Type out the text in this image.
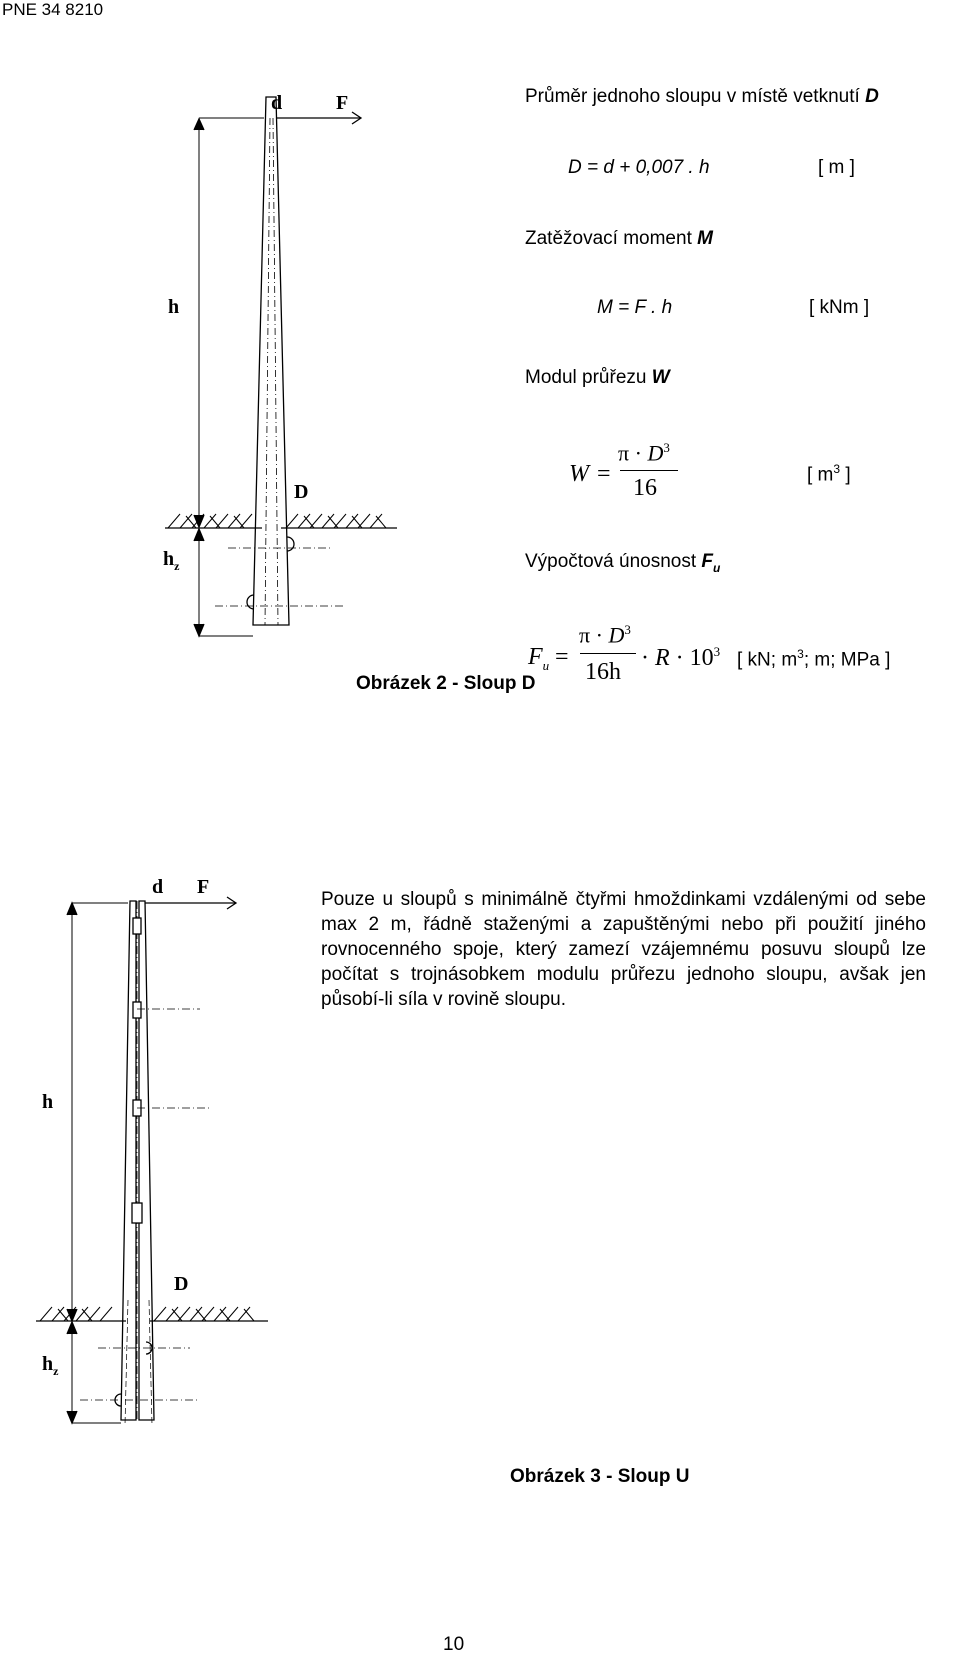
PNE 34 8210
d	F
h
D
$h_z$
Obrázek 2 - Sloup D
Průměr jednoho sloupu v místě vetknutí D
D = d + 0,007 . h	[ m ]
Zatěžovací moment M
M = F . h	[ kNm ]
Modul průřezu W
W =
$\pi \cdot D^3$
16
[ $m^3$ ]
Výpočtová únosnost $F_u$
$F_u$ =
$\pi \cdot D^3$
16h
· $R \cdot 10^3$ [ kN; $m^3$; m; MPa ]
d F
h
D
$h_z$
Pouze u sloupů s minimálně čtyřmi hmoždinkami vzdálenými od sebe max 2 m, řádně staženými a zapuštěnými nebo při použití jiného rovnocenného spoje, který zamezí vzájemnému posuvu sloupů lze počítat s trojnásobkem modulu průřezu jednoho sloupu, avšak jen působí-li síla v rovině sloupu.
Obrázek 3 - Sloup U
10
